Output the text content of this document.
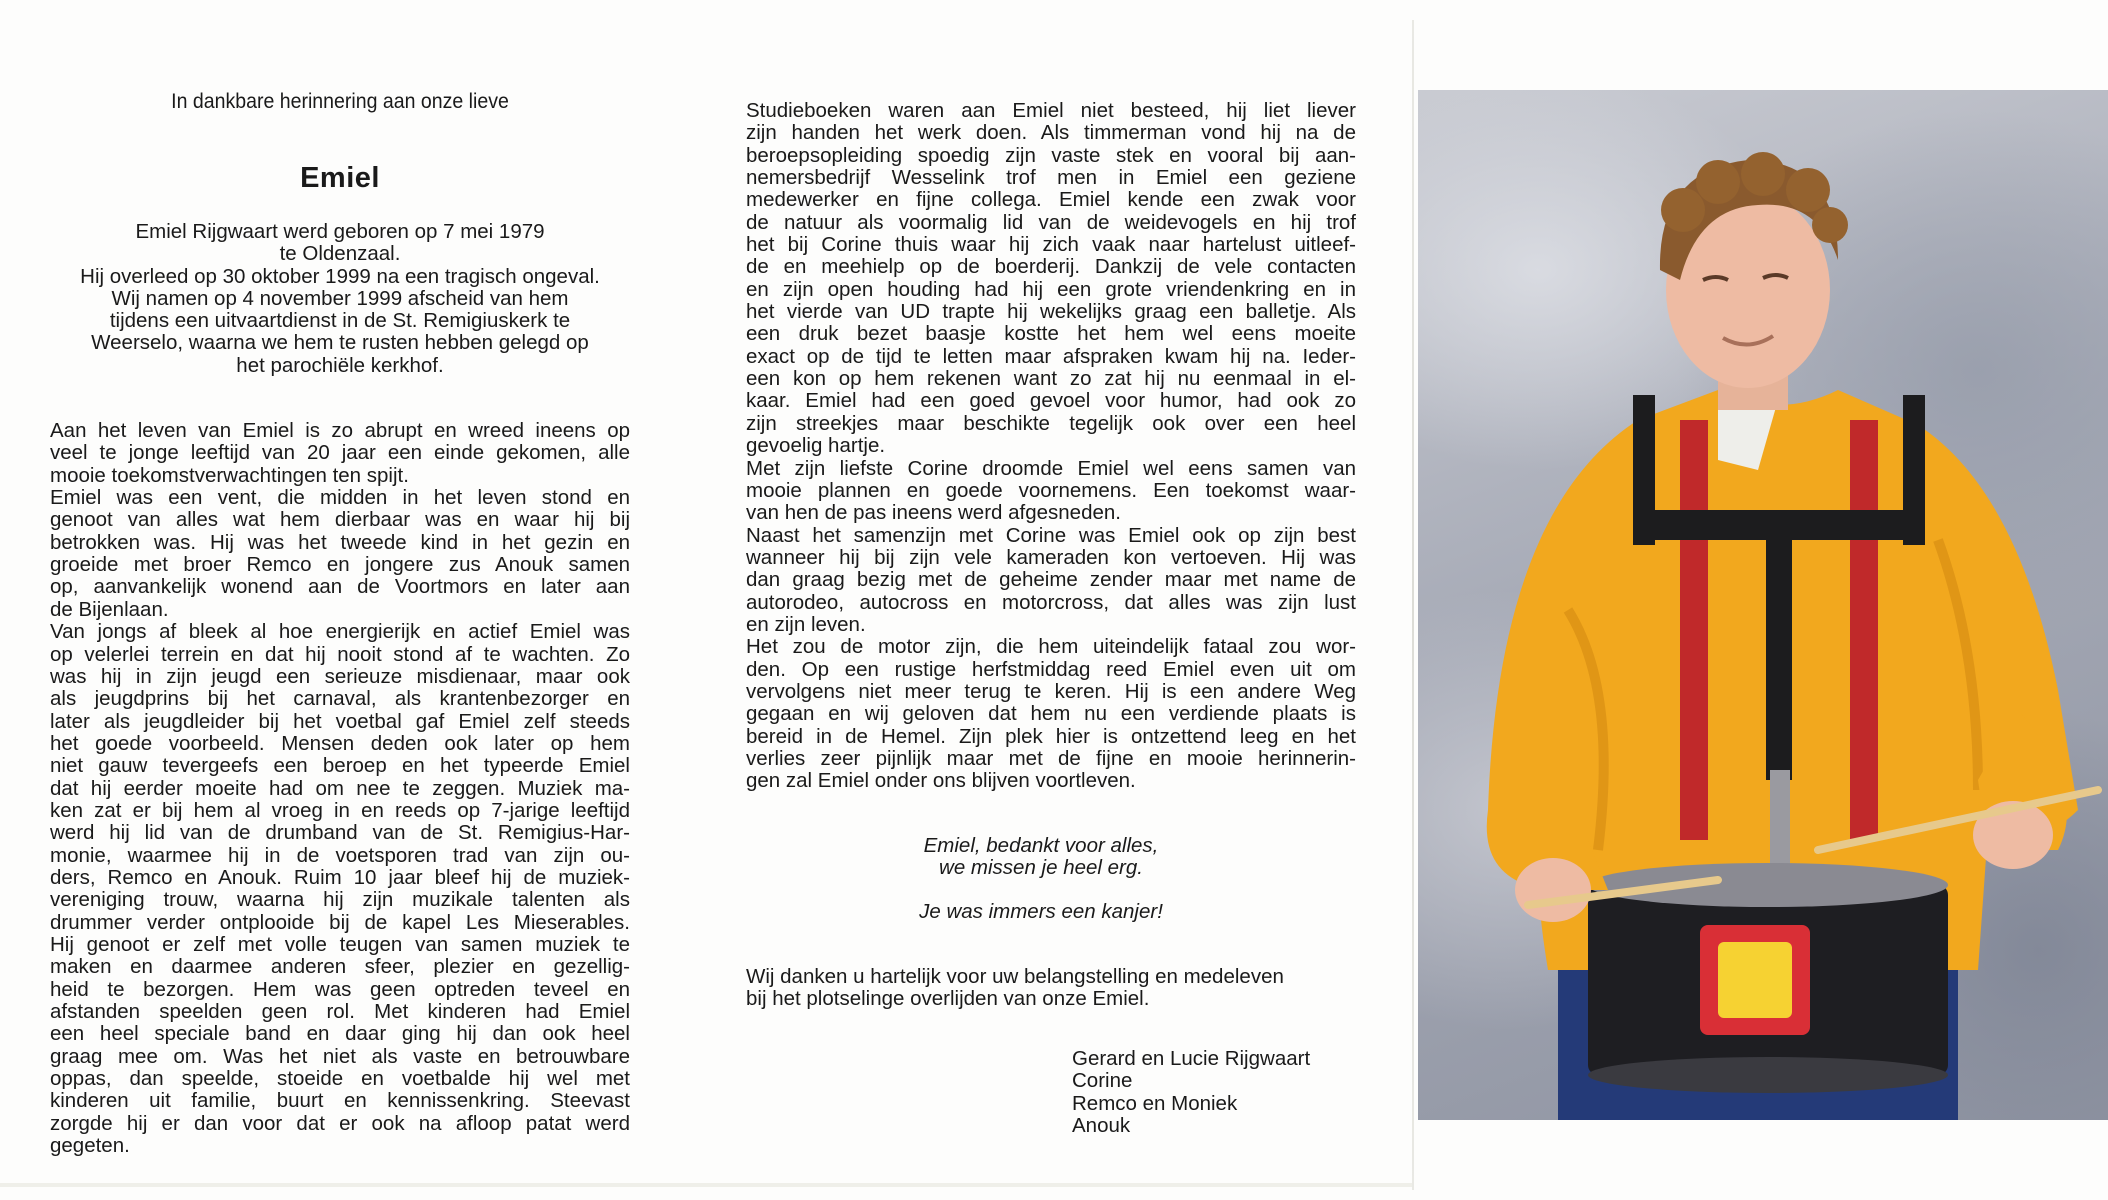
In dankbare herinnering aan onze lieve

Emiel

Emiel Rijgwaart werd geboren op 7 mei 1979

te Oldenzaal.

Hij overleed op 30 oktober 1999 na een tragisch ongeval.

Wij namen op 4 november 1999 afscheid van hem

tijdens een uitvaartdienst in de St. Remigiuskerk te

Weerselo, waarna we hem te rusten hebben gelegd op

het parochiële kerkhof.

Aan het leven van Emiel is zo abrupt en wreed ineens op

veel te jonge leeftijd van 20 jaar een einde gekomen, alle

mooie toekomstverwachtingen ten spijt.

Emiel was een vent, die midden in het leven stond en

genoot van alles wat hem dierbaar was en waar hij bij

betrokken was. Hij was het tweede kind in het gezin en

groeide met broer Remco en jongere zus Anouk samen

op, aanvankelijk wonend aan de Voortmors en later aan

de Bijenlaan.

Van jongs af bleek al hoe energierijk en actief Emiel was

op velerlei terrein en dat hij nooit stond af te wachten. Zo

was hij in zijn jeugd een serieuze misdienaar, maar ook

als jeugdprins bij het carnaval, als krantenbezorger en

later als jeugdleider bij het voetbal gaf Emiel zelf steeds

het goede voorbeeld. Mensen deden ook later op hem

niet gauw tevergeefs een beroep en het typeerde Emiel

dat hij eerder moeite had om nee te zeggen. Muziek ma-

ken zat er bij hem al vroeg in en reeds op 7-jarige leeftijd

werd hij lid van de drumband van de St. Remigius-Har-

monie, waarmee hij in de voetsporen trad van zijn ou-

ders, Remco en Anouk. Ruim 10 jaar bleef hij de muziek-

vereniging trouw, waarna hij zijn muzikale talenten als

drummer verder ontplooide bij de kapel Les Mieserables.

Hij genoot er zelf met volle teugen van samen muziek te

maken en daarmee anderen sfeer, plezier en gezellig-

heid te bezorgen. Hem was geen optreden teveel en

afstanden speelden geen rol. Met kinderen had Emiel

een heel speciale band en daar ging hij dan ook heel

graag mee om. Was het niet als vaste en betrouwbare

oppas, dan speelde, stoeide en voetbalde hij wel met

kinderen uit familie, buurt en kennissenkring. Steevast

zorgde hij er dan voor dat er ook na afloop patat werd

gegeten.

Studieboeken waren aan Emiel niet besteed, hij liet liever

zijn handen het werk doen. Als timmerman vond hij na de

beroepsopleiding spoedig zijn vaste stek en vooral bij aan-

nemersbedrijf Wesselink trof men in Emiel een geziene

medewerker en fijne collega. Emiel kende een zwak voor

de natuur als voormalig lid van de weidevogels en hij trof

het bij Corine thuis waar hij zich vaak naar hartelust uitleef-

de en meehielp op de boerderij. Dankzij de vele contacten

en zijn open houding had hij een grote vriendenkring en in

het vierde van UD trapte hij wekelijks graag een balletje. Als

een druk bezet baasje kostte het hem wel eens moeite

exact op de tijd te letten maar afspraken kwam hij na. Ieder-

een kon op hem rekenen want zo zat hij nu eenmaal in el-

kaar. Emiel had een goed gevoel voor humor, had ook zo

zijn streekjes maar beschikte tegelijk ook over een heel

gevoelig hartje.

Met zijn liefste Corine droomde Emiel wel eens samen van

mooie plannen en goede voornemens. Een toekomst waar-

van hen de pas ineens werd afgesneden.

Naast het samenzijn met Corine was Emiel ook op zijn best

wanneer hij bij zijn vele kameraden kon vertoeven. Hij was

dan graag bezig met de geheime zender maar met name de

autorodeo, autocross en motorcross, dat alles was zijn lust

en zijn leven.

Het zou de motor zijn, die hem uiteindelijk fataal zou wor-

den. Op een rustige herfstmiddag reed Emiel even uit om

vervolgens niet meer terug te keren. Hij is een andere Weg

gegaan en wij geloven dat hem nu een verdiende plaats is

bereid in de Hemel. Zijn plek hier is ontzettend leeg en het

verlies zeer pijnlijk maar met de fijne en mooie herinnerin-

gen zal Emiel onder ons blijven voortleven.

Emiel, bedankt voor alles,

we missen je heel erg.

Je was immers een kanjer!

Wij danken u hartelijk voor uw belangstelling en medeleven

bij het plotselinge overlijden van onze Emiel.

Gerard en Lucie Rijgwaart

Corine

Remco en Moniek

Anouk
